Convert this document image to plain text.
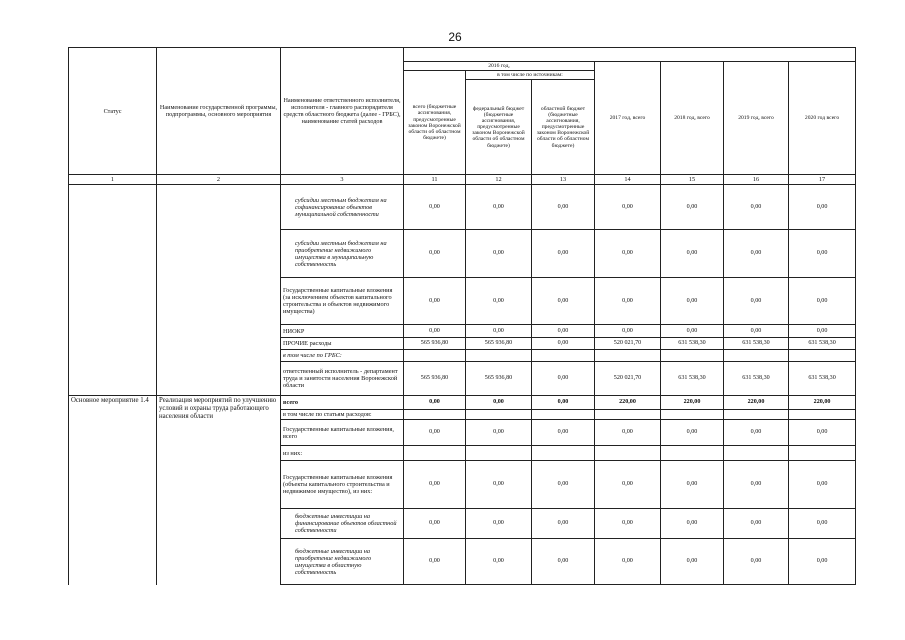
26
Статус	Наименование государственной программы, подпрограммы, основного мероприятия	Наименование ответственного исполнителя, исполнителя - главного распорядителя средств областного бюджета (далее - ГРБС), наименование статей расходов							
			2016 год,			2017 год, всего	2018 год, всего	2019 год, всего	2020 год всего
			всего (бюджетные ассигнования, предусмотренные законом Воронежской области об областном бюджете)	в том числе по источникам:					
				федеральный бюджет (бюджетные ассигнования, предусмотренные законом Воронежской области об областном бюджете)	областной бюджет (бюджетные ассигнования, предусмотренные законом Воронежской области об областном бюджете)				
1	2	3	11	12	13	14	15	16	17
		субсидии местным бюджетам на софинансирование объектов муниципальной собственности	0,00	0,00	0,00	0,00	0,00	0,00	0,00
		субсидии местным бюджетам на приобретение недвижимого имущества в муниципальную собственность	0,00	0,00	0,00	0,00	0,00	0,00	0,00
		Государственные капитальные вложения (за исключением объектов капитального строительства и объектов недвижимого имущества)	0,00	0,00	0,00	0,00	0,00	0,00	0,00
		НИОКР	0,00	0,00	0,00	0,00	0,00	0,00	0,00
		ПРОЧИЕ расходы	565 936,80	565 936,80	0,00	520 021,70	631 538,30	631 538,30	631 538,30
		в том числе по ГРБС:							
		ответственный исполнитель - департамент труда и занятости населения Воронежской области	565 936,80	565 936,80	0,00	520 021,70	631 538,30	631 538,30	631 538,30
Основное мероприятие 1.4	Реализация мероприятий по улучшению условий и охраны труда работающего населения области	всего	0,00	0,00	0,00	220,00	220,00	220,00	220,00
		в том числе по статьям расходов:							
		Государственные капитальные вложения, всего	0,00	0,00	0,00	0,00	0,00	0,00	0,00
		из них:							
		Государственные капитальные вложения (объекты капитального строительства и недвижимое имущество), из них:	0,00	0,00	0,00	0,00	0,00	0,00	0,00
		бюджетные инвестиции на финансирование объектов областной собственности	0,00	0,00	0,00	0,00	0,00	0,00	0,00
		бюджетные инвестиции на приобретение недвижимого имущества в областную собственность	0,00	0,00	0,00	0,00	0,00	0,00	0,00
